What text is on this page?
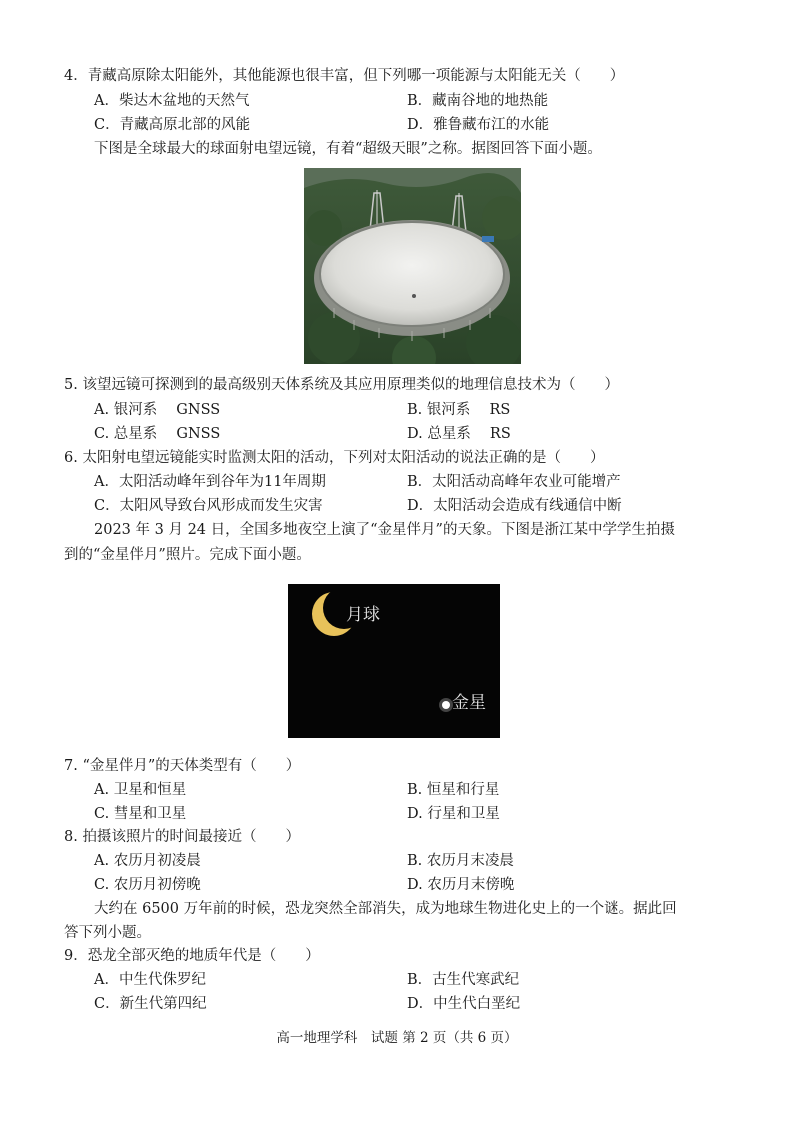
4．青藏高原除太阳能外，其他能源也很丰富，但下列哪一项能源与太阳能无关（　　）
A．柴达木盆地的天然气	B．藏南谷地的地热能
C．青藏高原北部的风能	D．雅鲁藏布江的水能
下图是全球最大的球面射电望远镜，有着“超级天眼”之称。据图回答下面小题。
5. 该望远镜可探测到的最高级别天体系统及其应用原理类似的地理信息技术为（　　）
A. 银河系　 GNSS	B. 银河系　 RS
C. 总星系　 GNSS	D. 总星系　 RS
6. 太阳射电望远镜能实时监测太阳的活动，下列对太阳活动的说法正确的是（　　）
A．太阳活动峰年到谷年为11年周期	B．太阳活动高峰年农业可能增产
C．太阳风导致台风形成而发生灾害	D．太阳活动会造成有线通信中断
2023 年 3 月 24 日，全国多地夜空上演了“金星伴月”的天象。下图是浙江某中学学生拍摄
到的“金星伴月”照片。完成下面小题。
月球
金星
7. “金星伴月”的天体类型有（　　）
A. 卫星和恒星	B. 恒星和行星
C. 彗星和卫星	D. 行星和卫星
8. 拍摄该照片的时间最接近（　　）
A. 农历月初凌晨	B. 农历月末凌晨
C. 农历月初傍晚	D. 农历月末傍晚
大约在 6500 万年前的时候，恐龙突然全部消失，成为地球生物进化史上的一个谜。据此回
答下列小题。
9．恐龙全部灭绝的地质年代是（　　）
A．中生代侏罗纪	B．古生代寒武纪
C．新生代第四纪	D．中生代白垩纪
高一地理学科　试题 第 2 页（共 6 页）
